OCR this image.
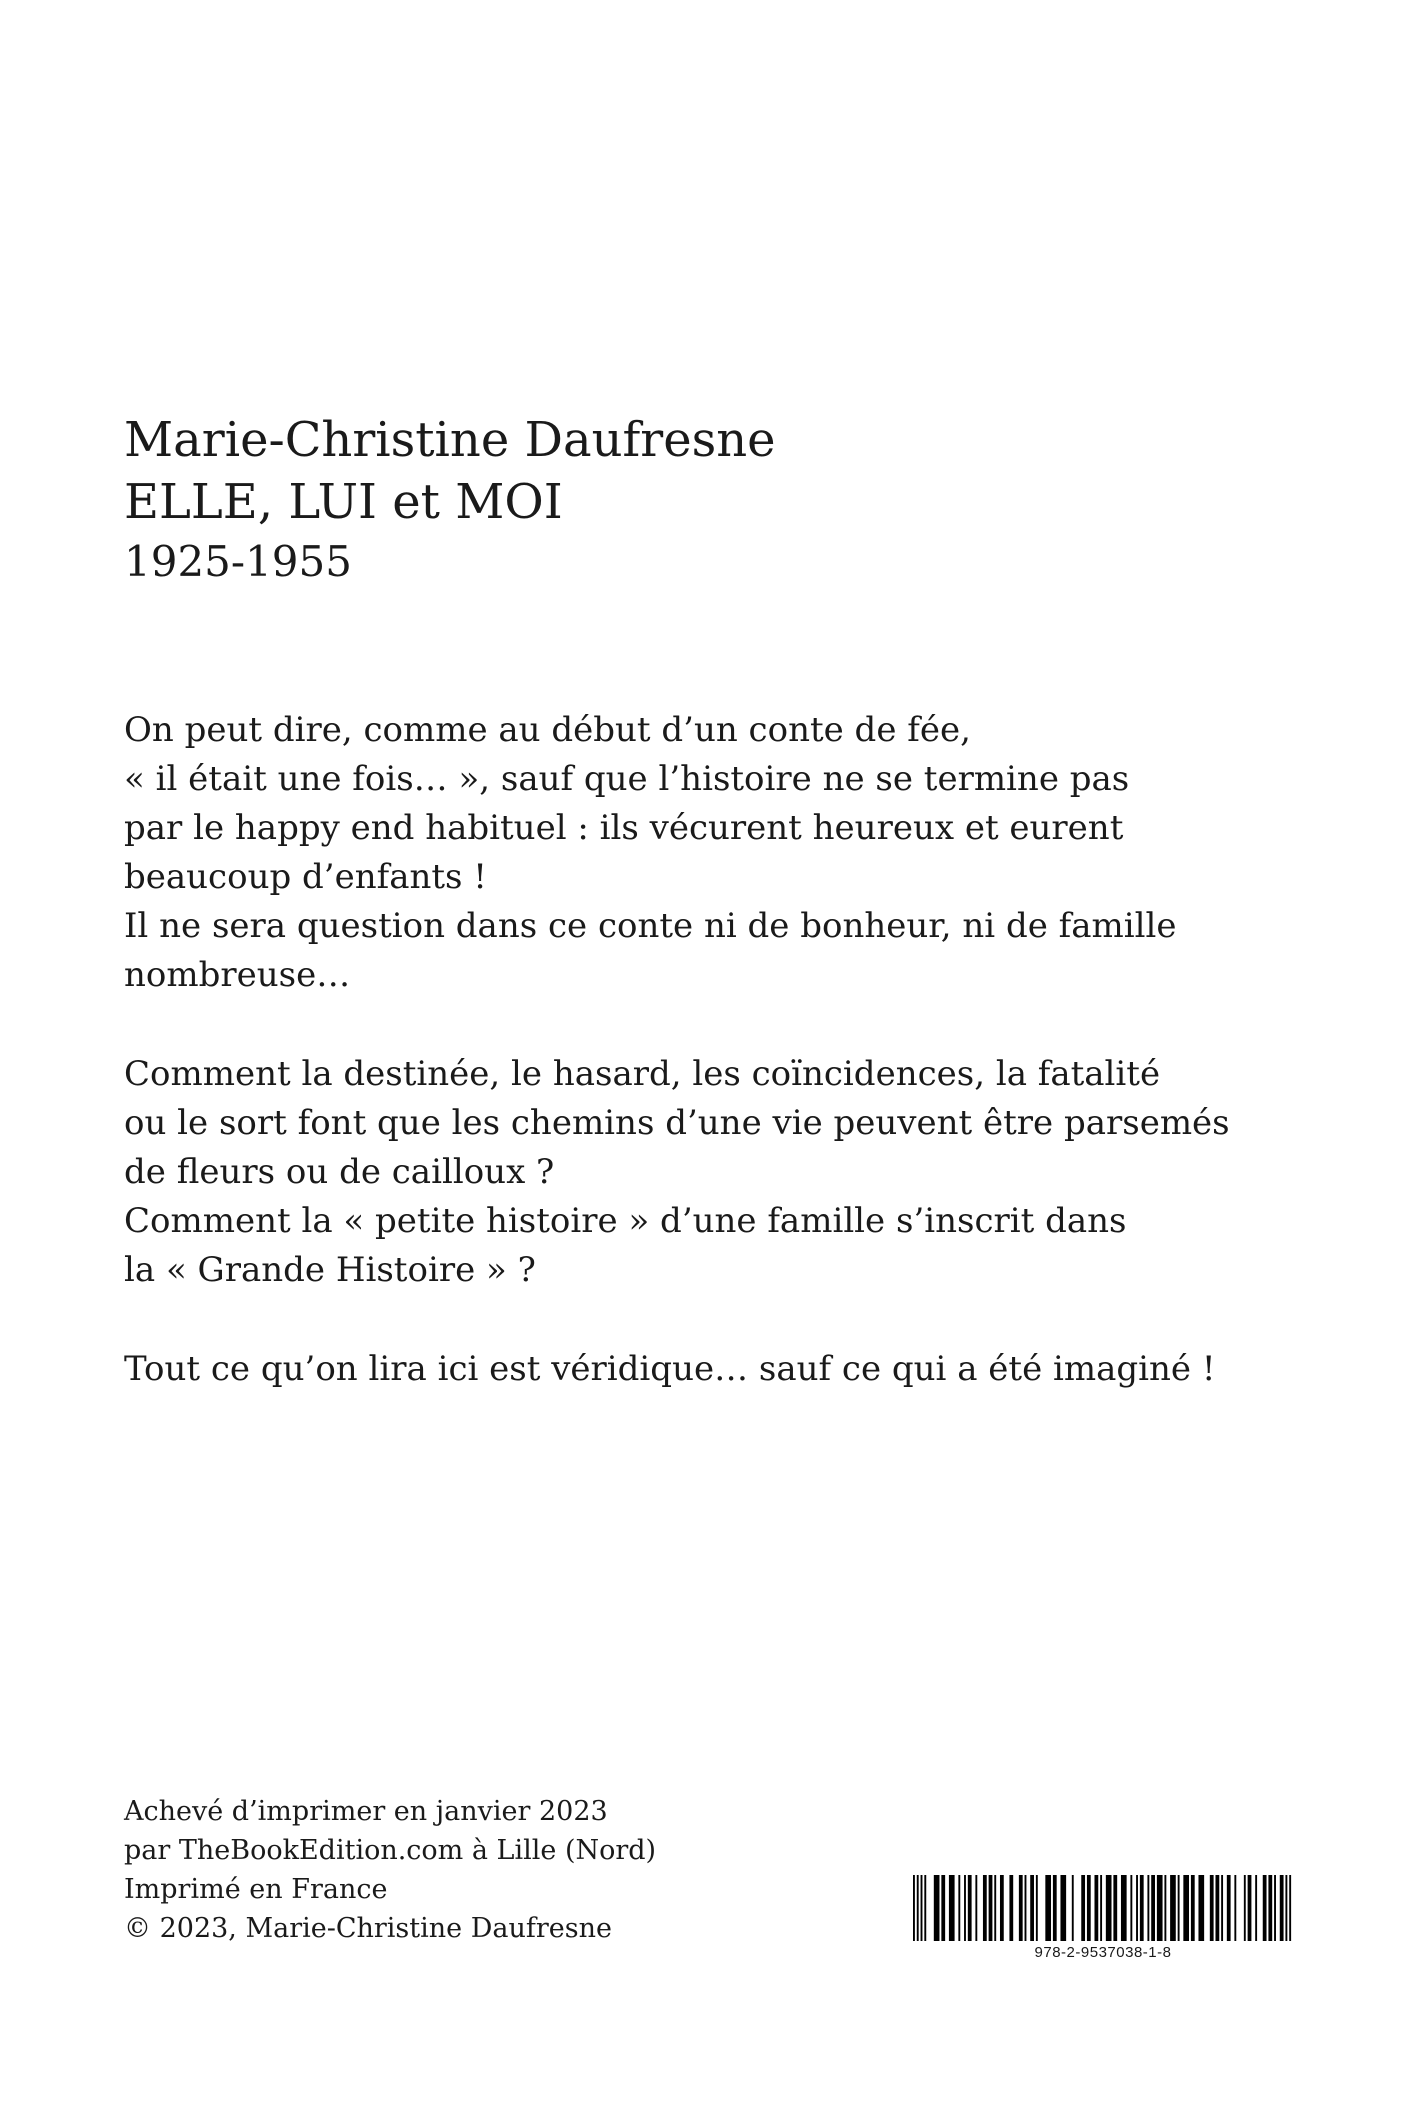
Marie-Christine Daufresne
ELLE, LUI et MOI
1925-1955
On peut dire, comme au début d’un conte de fée,
« il était une fois… », sauf que l’histoire ne se termine pas
par le happy end habituel : ils vécurent heureux et eurent
beaucoup d’enfants !
Il ne sera question dans ce conte ni de bonheur, ni de famille
nombreuse…
Comment la destinée, le hasard, les coïncidences, la fatalité
ou le sort font que les chemins d’une vie peuvent être parsemés
de fleurs ou de cailloux ?
Comment la « petite histoire » d’une famille s’inscrit dans
la « Grande Histoire » ?
Tout ce qu’on lira ici est véridique… sauf ce qui a été imaginé !
Achevé d’imprimer en janvier 2023
par TheBookEdition.com à Lille (Nord)
Imprimé en France
© 2023, Marie-Christine Daufresne
978-2-9537038-1-8
